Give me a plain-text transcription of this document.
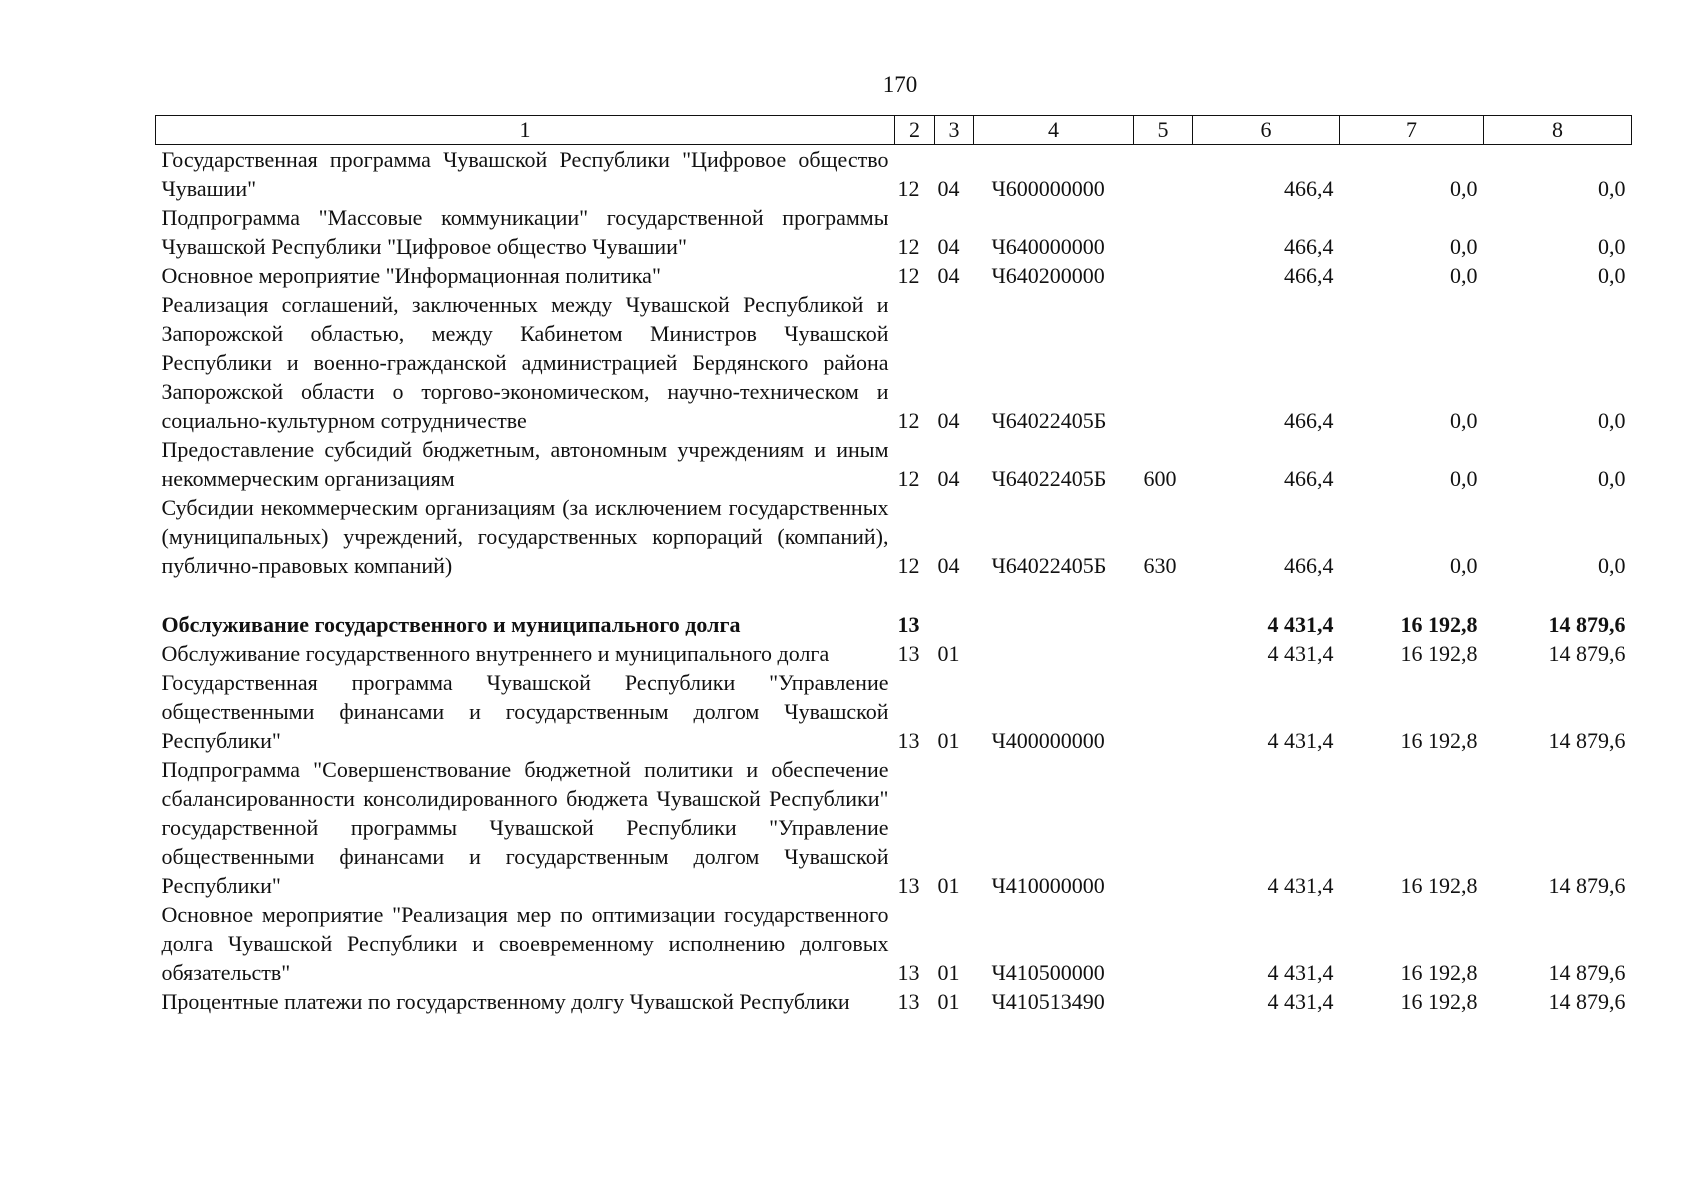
170
1	2	3	4	5	6	7	8
Государственная программа Чувашской Республики "Цифровое общество Чувашии"	12	04	Ч600000000		466,4	0,0	0,0
Подпрограмма "Массовые коммуникации" государственной программы Чувашской Республики "Цифровое общество Чувашии"	12	04	Ч640000000		466,4	0,0	0,0
Основное мероприятие "Информационная политика"	12	04	Ч640200000		466,4	0,0	0,0
Реализация соглашений, заключенных между Чувашской Республикой и Запорожской областью, между Кабинетом Министров Чувашской Республики и военно-гражданской администрацией Бердянского района Запорожской области о торгово-экономическом, научно-техническом и социально-культурном сотрудничестве	12	04	Ч64022405Б		466,4	0,0	0,0
Предоставление субсидий бюджетным, автономным учреждениям и иным некоммерческим организациям	12	04	Ч64022405Б	600	466,4	0,0	0,0
Субсидии некоммерческим организациям (за исключением государственных (муниципальных) учреждений, государственных корпораций (компаний), публично-правовых компаний)	12	04	Ч64022405Б	630	466,4	0,0	0,0

Обслуживание государственного и муниципального долга	13				4 431,4	16 192,8	14 879,6
Обслуживание государственного внутреннего и муниципального долга	13	01			4 431,4	16 192,8	14 879,6
Государственная программа Чувашской Республики "Управление общественными финансами и государственным долгом Чувашской Республики"	13	01	Ч400000000		4 431,4	16 192,8	14 879,6
Подпрограмма "Совершенствование бюджетной политики и обеспечение сбалансированности консолидированного бюджета Чувашской Республики" государственной программы Чувашской Республики "Управление общественными финансами и государственным долгом Чувашской Республики"	13	01	Ч410000000		4 431,4	16 192,8	14 879,6
Основное мероприятие "Реализация мер по оптимизации государственного долга Чувашской Республики и своевременному исполнению долговых обязательств"	13	01	Ч410500000		4 431,4	16 192,8	14 879,6
Процентные платежи по государственному долгу Чувашской Республики	13	01	Ч410513490		4 431,4	16 192,8	14 879,6
